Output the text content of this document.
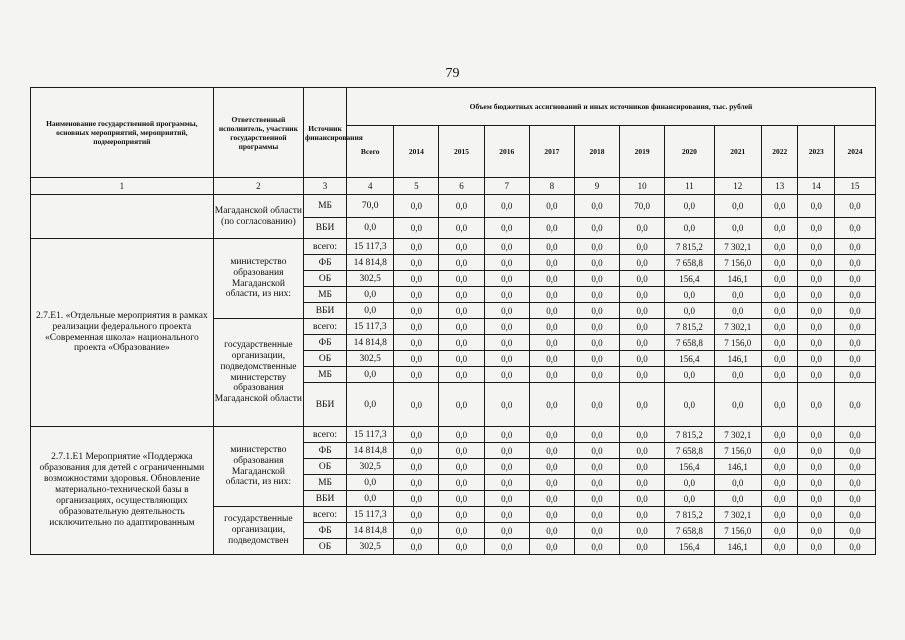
79
Наименование государственной программы, основных мероприятий, мероприятий, подмероприятий	Ответственный исполнитель, участник государственной программы	Источник финансирования	Объем бюджетных ассигнований и иных источников финансирования, тыс. рублей											
			Всего	2014	2015	2016	2017	2018	2019	2020	2021	2022	2023	2024
1	2	3	4	5	6	7	8	9	10	11	12	13	14	15
	Магаданской области (по согласованию)	МБ	70,0	0,0	0,0	0,0	0,0	0,0	70,0	0,0	0,0	0,0	0,0	0,0
		ВБИ	0,0	0,0	0,0	0,0	0,0	0,0	0,0	0,0	0,0	0,0	0,0	0,0
2.7.Е1. «Отдельные мероприятия в рамках реализации федерального проекта «Современная школа» национального проекта «Образование»	министерство образования Магаданской области, из них:	всего:	15 117,3	0,0	0,0	0,0	0,0	0,0	0,0	7 815,2	7 302,1	0,0	0,0	0,0
		ФБ	14 814,8	0,0	0,0	0,0	0,0	0,0	0,0	7 658,8	7 156,0	0,0	0,0	0,0
		ОБ	302,5	0,0	0,0	0,0	0,0	0,0	0,0	156,4	146,1	0,0	0,0	0,0
		МБ	0,0	0,0	0,0	0,0	0,0	0,0	0,0	0,0	0,0	0,0	0,0	0,0
		ВБИ	0,0	0,0	0,0	0,0	0,0	0,0	0,0	0,0	0,0	0,0	0,0	0,0
	государственные организации, подведомственные министерству образования Магаданской области	всего:	15 117,3	0,0	0,0	0,0	0,0	0,0	0,0	7 815,2	7 302,1	0,0	0,0	0,0
		ФБ	14 814,8	0,0	0,0	0,0	0,0	0,0	0,0	7 658,8	7 156,0	0,0	0,0	0,0
		ОБ	302,5	0,0	0,0	0,0	0,0	0,0	0,0	156,4	146,1	0,0	0,0	0,0
		МБ	0,0	0,0	0,0	0,0	0,0	0,0	0,0	0,0	0,0	0,0	0,0	0,0
		ВБИ	0,0	0,0	0,0	0,0	0,0	0,0	0,0	0,0	0,0	0,0	0,0	0,0
2.7.1.Е1 Мероприятие «Поддержка образования для детей с ограниченными возможностями здоровья. Обновление материально-технической базы в организациях, осуществляющих образовательную деятельность исключительно по адаптированным	министерство образования Магаданской области, из них:	всего:	15 117,3	0,0	0,0	0,0	0,0	0,0	0,0	7 815,2	7 302,1	0,0	0,0	0,0
		ФБ	14 814,8	0,0	0,0	0,0	0,0	0,0	0,0	7 658,8	7 156,0	0,0	0,0	0,0
		ОБ	302,5	0,0	0,0	0,0	0,0	0,0	0,0	156,4	146,1	0,0	0,0	0,0
		МБ	0,0	0,0	0,0	0,0	0,0	0,0	0,0	0,0	0,0	0,0	0,0	0,0
		ВБИ	0,0	0,0	0,0	0,0	0,0	0,0	0,0	0,0	0,0	0,0	0,0	0,0
	государственные организации, подведомствен	всего:	15 117,3	0,0	0,0	0,0	0,0	0,0	0,0	7 815,2	7 302,1	0,0	0,0	0,0
		ФБ	14 814,8	0,0	0,0	0,0	0,0	0,0	0,0	7 658,8	7 156,0	0,0	0,0	0,0
		ОБ	302,5	0,0	0,0	0,0	0,0	0,0	0,0	156,4	146,1	0,0	0,0	0,0
